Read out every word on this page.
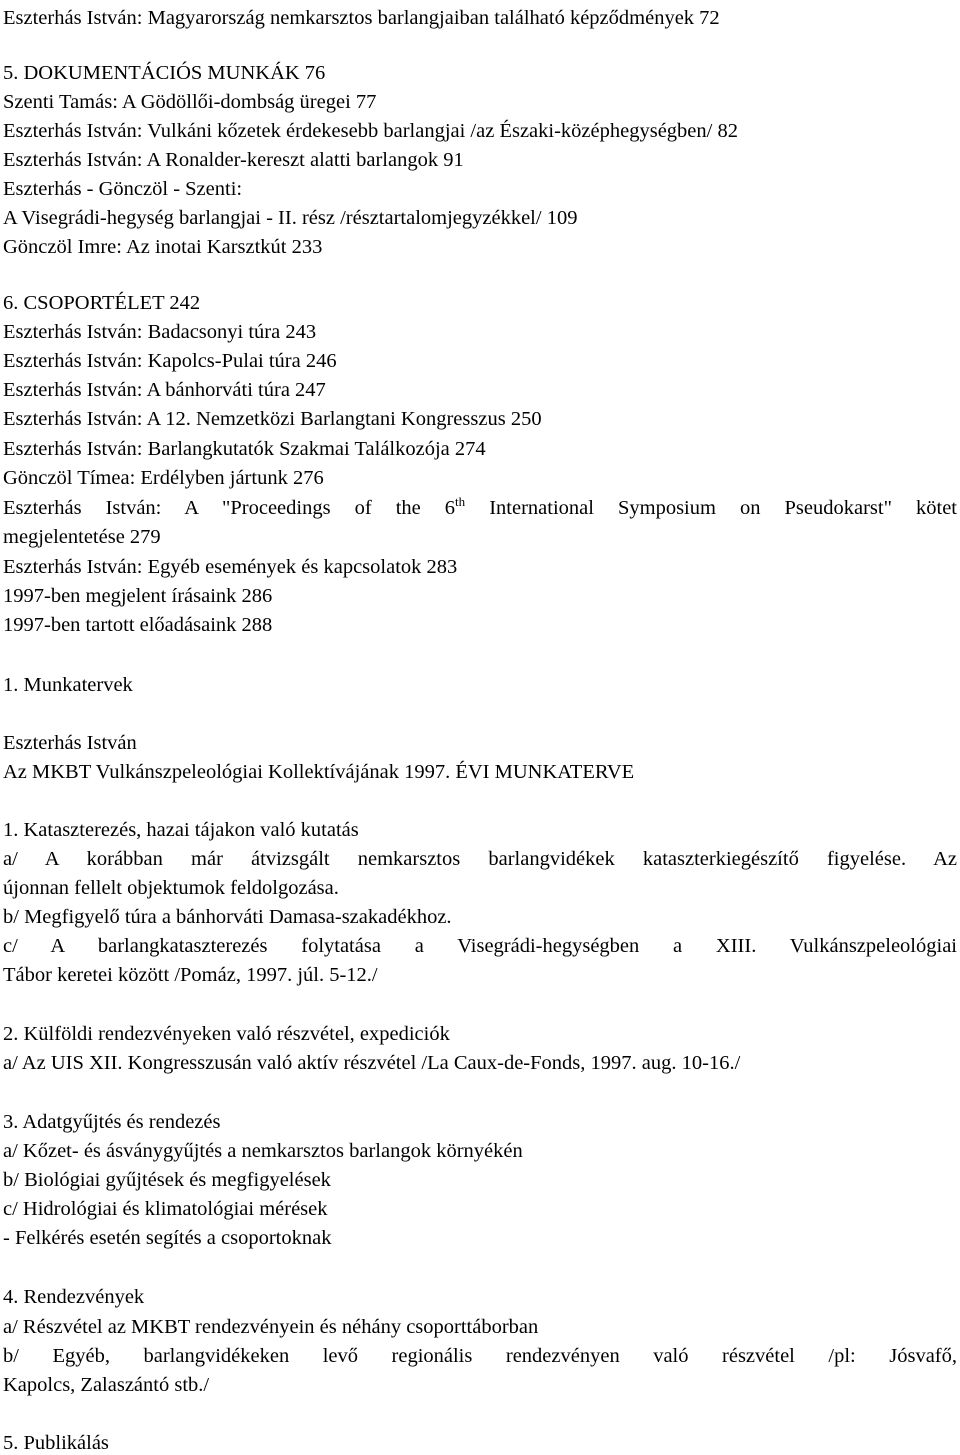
Eszterhás István: Magyarország nemkarsztos barlangjaiban található képződmények 72
5. DOKUMENTÁCIÓS MUNKÁK 76
Szenti Tamás: A Gödöllői-dombság üregei 77
Eszterhás István: Vulkáni kőzetek érdekesebb barlangjai /az Északi-középhegységben/ 82
Eszterhás István: A Ronalder-kereszt alatti barlangok 91
Eszterhás - Gönczöl - Szenti:
A Visegrádi-hegység barlangjai - II. rész /résztartalomjegyzékkel/ 109
Gönczöl Imre: Az inotai Karsztkút 233
6. CSOPORTÉLET 242
Eszterhás István: Badacsonyi túra 243
Eszterhás István: Kapolcs-Pulai túra 246
Eszterhás István: A bánhorváti túra 247
Eszterhás István: A 12. Nemzetközi Barlangtani Kongresszus 250
Eszterhás István: Barlangkutatók Szakmai Találkozója 274
Gönczöl Tímea: Erdélyben jártunk 276
Eszterhás István: A "Proceedings of the 6th International Symposium on Pseudokarst" kötet
megjelentetése 279
Eszterhás István: Egyéb események és kapcsolatok 283
1997-ben megjelent írásaink 286
1997-ben tartott előadásaink 288
1. Munkatervek
Eszterhás István
Az MKBT Vulkánszpeleológiai Kollektívájának 1997. ÉVI MUNKATERVE
1. Kataszterezés, hazai tájakon való kutatás
a/ A korábban már átvizsgált nemkarsztos barlangvidékek kataszterkiegészítő figyelése. Az
újonnan fellelt objektumok feldolgozása.
b/ Megfigyelő túra a bánhorváti Damasa-szakadékhoz.
c/ A barlangkataszterezés folytatása a Visegrádi-hegységben a XIII. Vulkánszpeleológiai
Tábor keretei között /Pomáz, 1997. júl. 5-12./
2. Külföldi rendezvényeken való részvétel, expediciók
a/ Az UIS XII. Kongresszusán való aktív részvétel /La Caux-de-Fonds, 1997. aug. 10-16./
3. Adatgyűjtés és rendezés
a/ Kőzet- és ásványgyűjtés a nemkarsztos barlangok környékén
b/ Biológiai gyűjtések és megfigyelések
c/ Hidrológiai és klimatológiai mérések
- Felkérés esetén segítés a csoportoknak
4. Rendezvények
a/ Részvétel az MKBT rendezvényein és néhány csoporttáborban
b/ Egyéb, barlangvidékeken levő regionális rendezvényen való részvétel /pl: Jósvafő,
Kapolcs, Zalaszántó stb./
5. Publikálás
